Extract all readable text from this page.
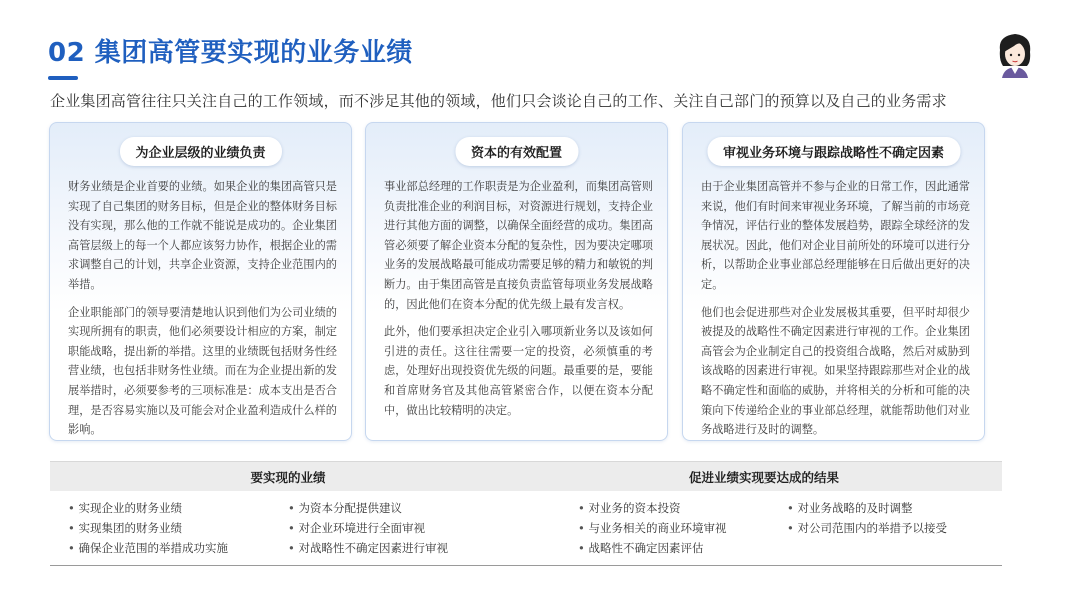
02 集团高管要实现的业务业绩
企业集团高管往往只关注自己的工作领域，而不涉足其他的领域，他们只会谈论自己的工作、关注自己部门的预算以及自己的业务需求
为企业层级的业绩负责

财务业绩是企业首要的业绩。如果企业的集团高管只是实现了自己集团的财务目标，但是企业的整体财务目标没有实现，那么他的工作就不能说是成功的。企业集团高管层级上的每一个人都应该努力协作，根据企业的需求调整自己的计划，共享企业资源，支持企业范围内的举措。

企业职能部门的领导要清楚地认识到他们为公司业绩的实现所拥有的职责，他们必须要设计相应的方案，制定职能战略，提出新的举措。这里的业绩既包括财务性经营业绩，也包括非财务性业绩。而在为企业提出新的发展举措时，必须要参考的三项标准是：成本支出是否合理，是否容易实施以及可能会对企业盈利造成什么样的影响。

资本的有效配置

事业部总经理的工作职责是为企业盈利，而集团高管则负责批准企业的利润目标，对资源进行规划，支持企业进行其他方面的调整，以确保全面经营的成功。集团高管必须要了解企业资本分配的复杂性，因为要决定哪项业务的发展战略最可能成功需要足够的精力和敏锐的判断力。由于集团高管是直接负责监管每项业务发展战略的，因此他们在资本分配的优先级上最有发言权。

此外，他们要承担决定企业引入哪项新业务以及该如何引进的责任。这往往需要一定的投资，必须慎重的考虑，处理好出现投资优先级的问题。最重要的是，要能和首席财务官及其他高管紧密合作，以便在资本分配中，做出比较精明的决定。

审视业务环境与跟踪战略性不确定因素

由于企业集团高管并不参与企业的日常工作，因此通常来说，他们有时间来审视业务环境，了解当前的市场竞争情况，评估行业的整体发展趋势，跟踪全球经济的发展状况。因此，他们对企业目前所处的环境可以进行分析，以帮助企业事业部总经理能够在日后做出更好的决定。

他们也会促进那些对企业发展极其重要，但平时却很少被提及的战略性不确定因素进行审视的工作。企业集团高管会为企业制定自己的投资组合战略，然后对威胁到该战略的因素进行审视。如果坚持跟踪那些对企业的战略不确定性和面临的威胁，并将相关的分析和可能的决策向下传递给企业的事业部总经理，就能帮助他们对业务战略进行及时的调整。

要实现的业绩	促进业绩实现要达成的结果
• 实现企业的财务业绩
• 实现集团的财务业绩
• 确保企业范围的举措成功实施
• 为资本分配提供建议
• 对企业环境进行全面审视
• 对战略性不确定因素进行审视
• 对业务的资本投资
• 与业务相关的商业环境审视
• 战略性不确定因素评估
• 对业务战略的及时调整
• 对公司范围内的举措予以接受
